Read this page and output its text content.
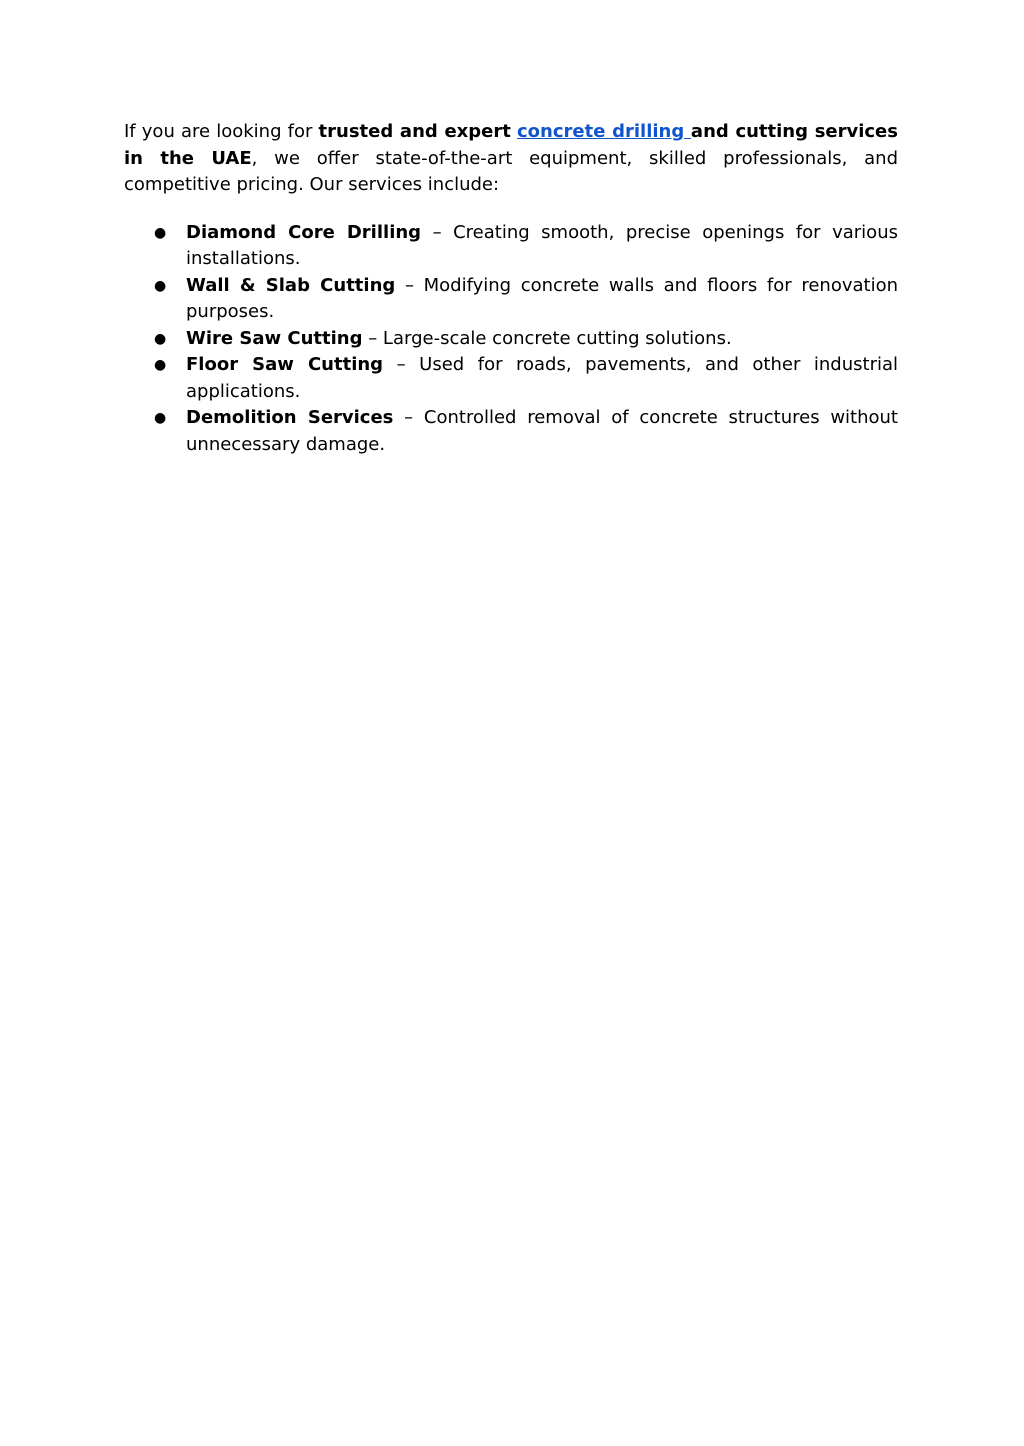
If you are looking for trusted and expert concrete drilling and cutting services in the UAE, we offer state-of-the-art equipment, skilled professionals, and competitive pricing. Our services include:

● Diamond Core Drilling – Creating smooth, precise openings for various installations.
● Wall & Slab Cutting – Modifying concrete walls and floors for renovation purposes.
● Wire Saw Cutting – Large-scale concrete cutting solutions.
● Floor Saw Cutting – Used for roads, pavements, and other industrial applications.
● Demolition Services – Controlled removal of concrete structures without unnecessary damage.
